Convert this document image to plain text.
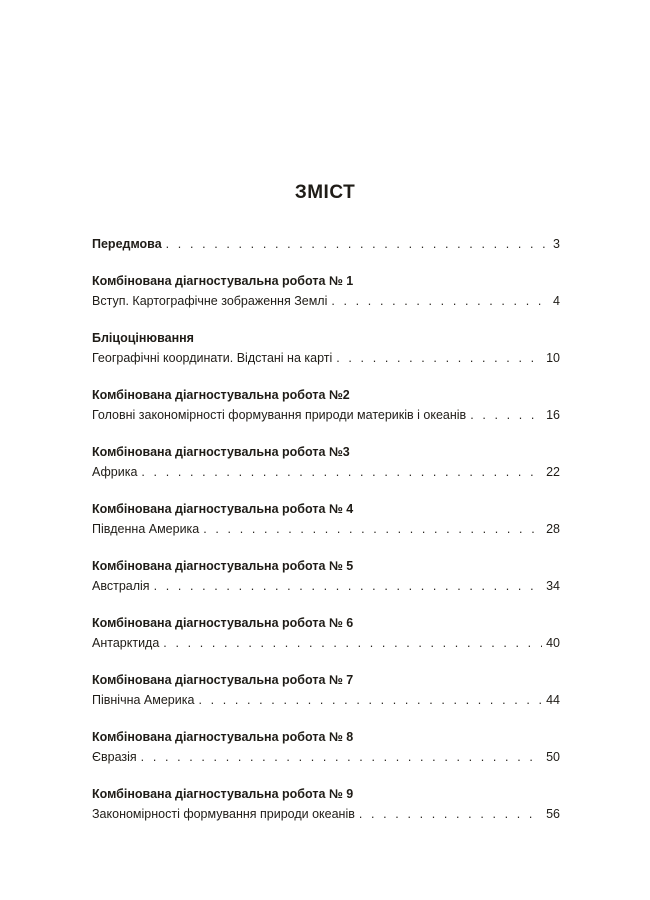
ЗМІСТ
Передмова . . .	3
Комбінована діагностувальна робота № 1
Вступ. Картографічне зображення Землі . . .	4
Бліцоцінювання
Географічні координати. Відстані на карті . . .	10
Комбінована діагностувальна робота №2
Головні закономірності формування природи материків і океанів . . .	16
Комбінована діагностувальна робота №3
Африка . . .	22
Комбінована діагностувальна робота № 4
Південна Америка . . .	28
Комбінована діагностувальна робота № 5
Австралія . . .	34
Комбінована діагностувальна робота № 6
Антарктида . . .	40
Комбінована діагностувальна робота № 7
Північна Америка . . .	44
Комбінована діагностувальна робота № 8
Євразія . . .	50
Комбінована діагностувальна робота № 9
Закономірності формування природи океанів . . .	56
